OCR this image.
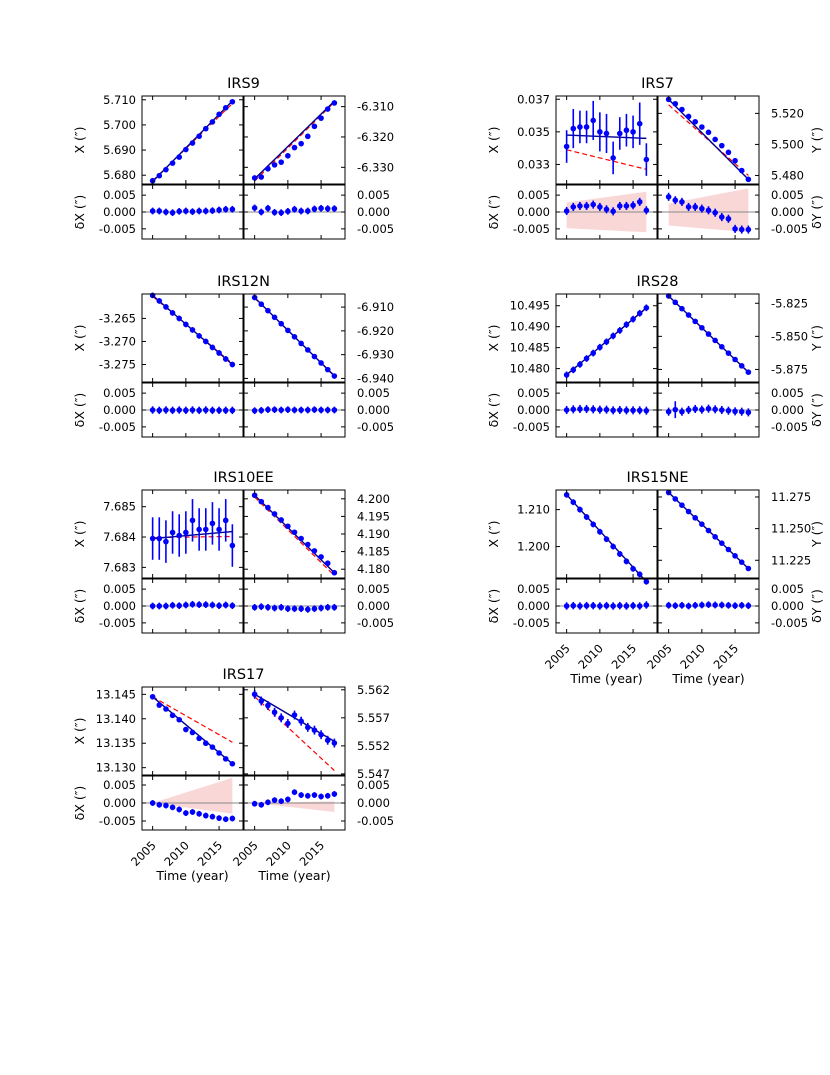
IRS9
5.680
5.690
5.700
5.710
-6.330
-6.320
-6.310
-0.005
0.000
0.005
-0.005
0.000
0.005
X (″)
δX (″)
IRS7
0.033
0.035
0.037
5.480
5.500
5.520
-0.005
0.000
0.005
-0.005
0.000
0.005
X (″)
δX (″)
Y (″)
δY (″)
IRS12N
-3.275
-3.270
-3.265
-6.940
-6.930
-6.920
-6.910
-0.005
0.000
0.005
-0.005
0.000
0.005
X (″)
δX (″)
IRS28
10.480
10.485
10.490
10.495
-5.875
-5.850
-5.825
-0.005
0.000
0.005
-0.005
0.000
0.005
X (″)
δX (″)
Y (″)
δY (″)
IRS10EE
7.683
7.684
7.685
4.180
4.185
4.190
4.195
4.200
-0.005
0.000
0.005
-0.005
0.000
0.005
X (″)
δX (″)
IRS15NE
1.200
1.210
11.225
11.250
11.275
-0.005
0.000
0.005
-0.005
0.000
0.005
X (″)
δX (″)
Y (″)
δY (″)
2005 2010 2015
Time (year)
2005 2010 2015
Time (year)
IRS17
13.130
13.135
13.140
13.145
5.547
5.552
5.557
5.562
-0.005
0.000
0.005
-0.005
0.000
0.005
X (″)
δX (″)
2005 2010 2015
Time (year)
2005 2010 2015
Time (year)
